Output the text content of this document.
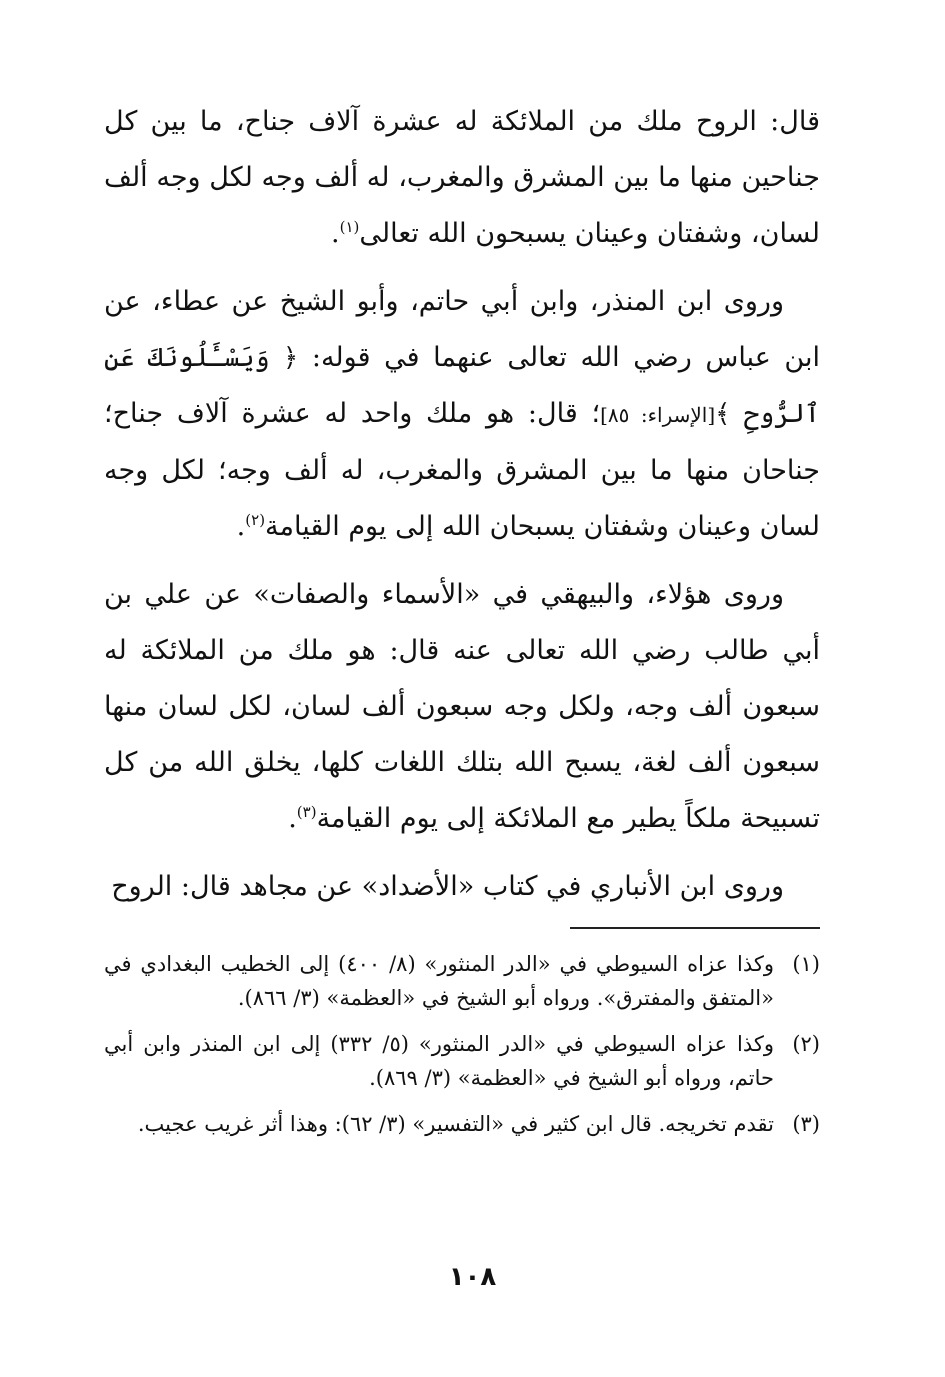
قال: الروح ملك من الملائكة له عشرة آلاف جناح، ما بين كل جناحين منها ما بين المشرق والمغرب، له ألف وجه لكل وجه ألف لسان، وشفتان وعينان يسبحون الله تعالى$^{(١)}$.

وروى ابن المنذر، وابن أبي حاتم، وأبو الشيخ عن عطاء، عن ابن عباس رضي الله تعالى عنهما في قوله: ﴿ وَيَسْـَٔلُونَكَ عَنِ ٱلرُّوحِ ﴾[الإسراء: ٨٥]؛ قال: هو ملك واحد له عشرة آلاف جناح؛ جناحان منها ما بين المشرق والمغرب، له ألف وجه؛ لكل وجه لسان وعينان وشفتان يسبحان الله إلى يوم القيامة$^{(٢)}$.

وروى هؤلاء، والبيهقي في «الأسماء والصفات» عن علي بن أبي طالب رضي الله تعالى عنه قال: هو ملك من الملائكة له سبعون ألف وجه، ولكل وجه سبعون ألف لسان، لكل لسان منها سبعون ألف لغة، يسبح الله بتلك اللغات كلها، يخلق الله من كل تسبيحة ملكاً يطير مع الملائكة إلى يوم القيامة$^{(٣)}$.

وروى ابن الأنباري في كتاب «الأضداد» عن مجاهد قال: الروح

(١)
وكذا عزاه السيوطي في «الدر المنثور» (٨/ ٤٠٠) إلى الخطيب البغدادي في «المتفق والمفترق». ورواه أبو الشيخ في «العظمة» (٣/ ٨٦٦).
(٢)
وكذا عزاه السيوطي في «الدر المنثور» (٥/ ٣٣٢) إلى ابن المنذر وابن أبي حاتم، ورواه أبو الشيخ في «العظمة» (٣/ ٨٦٩).
(٣)
تقدم تخريجه. قال ابن كثير في «التفسير» (٣/ ٦٢): وهذا أثر غريب عجيب.
١٠٨
